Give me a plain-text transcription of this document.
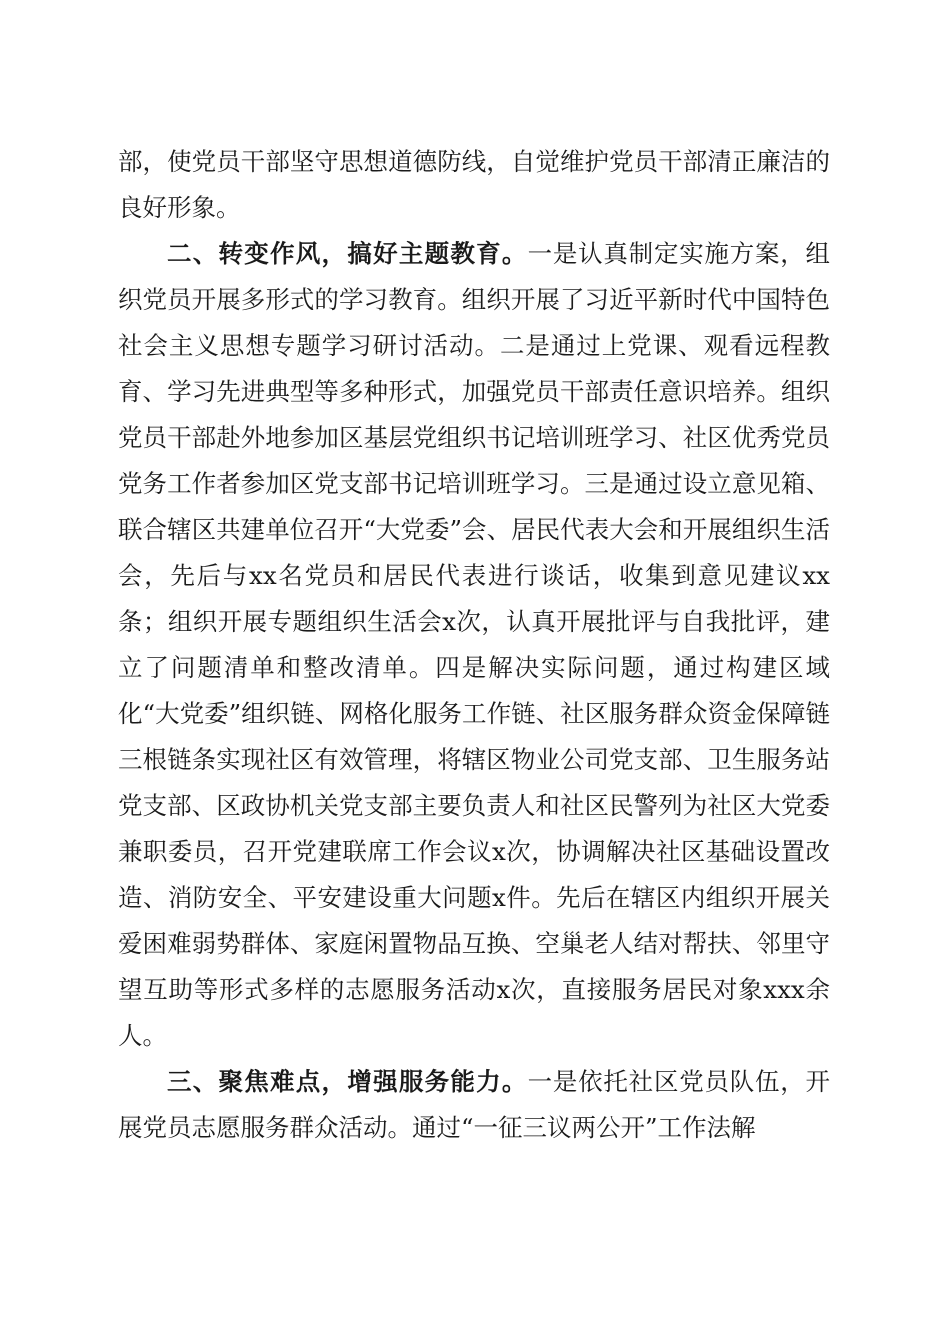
部，使党员干部坚守思想道德防线，自觉维护党员干部清正廉洁的良好形象。

二、转变作风，搞好主题教育。一是认真制定实施方案，组织党员开展多形式的学习教育。组织开展了习近平新时代中国特色社会主义思想专题学习研讨活动。二是通过上党课、观看远程教育、学习先进典型等多种形式，加强党员干部责任意识培养。组织党员干部赴外地参加区基层党组织书记培训班学习、社区优秀党员党务工作者参加区党支部书记培训班学习。三是通过设立意见箱、联合辖区共建单位召开“大党委”会、居民代表大会和开展组织生活会，先后与xx名党员和居民代表进行谈话，收集到意见建议xx条；组织开展专题组织生活会x次，认真开展批评与自我批评，建立了问题清单和整改清单。四是解决实际问题，通过构建区域化“大党委”组织链、网格化服务工作链、社区服务群众资金保障链三根链条实现社区有效管理，将辖区物业公司党支部、卫生服务站党支部、区政协机关党支部主要负责人和社区民警列为社区大党委兼职委员，召开党建联席工作会议x次，协调解决社区基础设置改造、消防安全、平安建设重大问题x件。先后在辖区内组织开展关爱困难弱势群体、家庭闲置物品互换、空巢老人结对帮扶、邻里守望互助等形式多样的志愿服务活动x次，直接服务居民对象xxx余人。

三、聚焦难点，增强服务能力。一是依托社区党员队伍，开展党员志愿服务群众活动。通过“一征三议两公开”工作法解
